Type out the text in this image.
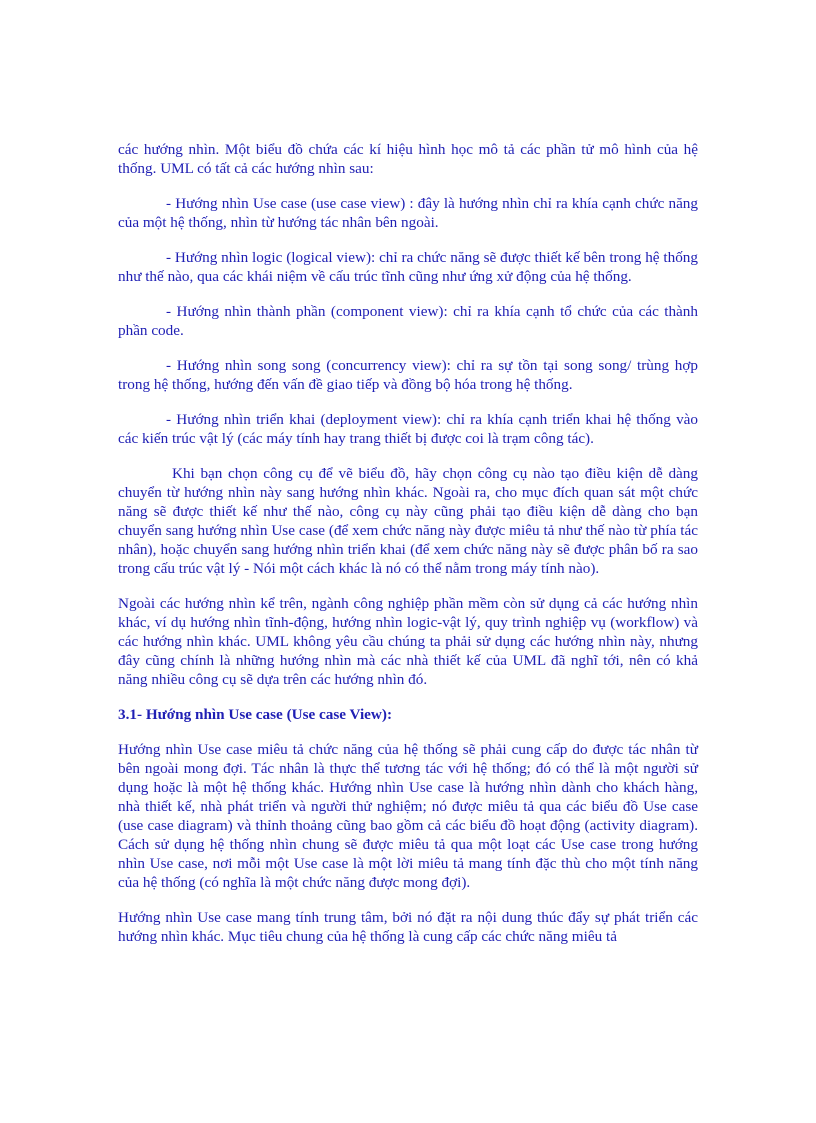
các hướng nhìn. Một biểu đồ chứa các kí hiệu hình học mô tả các phần tử mô hình của hệ thống. UML có tất cả các hướng nhìn sau:

- Hướng nhìn Use case (use case view) : đây là hướng nhìn chỉ ra khía cạnh chức năng của một hệ thống, nhìn từ hướng tác nhân bên ngoài.

- Hướng nhìn logic (logical view): chỉ ra chức năng sẽ được thiết kế bên trong hệ thống như thế nào, qua các khái niệm về cấu trúc tĩnh cũng như ứng xử động của hệ thống.

- Hướng nhìn thành phần (component view): chỉ ra khía cạnh tổ chức của các thành phần code.

- Hướng nhìn song song (concurrency view): chỉ ra sự tồn tại song song/ trùng hợp trong hệ thống, hướng đến vấn đề giao tiếp và đồng bộ hóa trong hệ thống.

- Hướng nhìn triển khai (deployment view): chỉ ra khía cạnh triển khai hệ thống vào các kiến trúc vật lý (các máy tính hay trang thiết bị được coi là trạm công tác).

Khi bạn chọn công cụ để vẽ biểu đồ, hãy chọn công cụ nào tạo điều kiện dễ dàng chuyển từ hướng nhìn này sang hướng nhìn khác. Ngoài ra, cho mục đích quan sát một chức năng sẽ được thiết kế như thế nào, công cụ này cũng phải tạo điều kiện dễ dàng cho bạn chuyển sang hướng nhìn Use case (để xem chức năng này được miêu tả như thế nào từ phía tác nhân), hoặc chuyển sang hướng nhìn triển khai (để xem chức năng này sẽ được phân bố ra sao trong cấu trúc vật lý - Nói một cách khác là nó có thể nằm trong máy tính nào).

Ngoài các hướng nhìn kể trên, ngành công nghiệp phần mềm còn sử dụng cả các hướng nhìn khác, ví dụ hướng nhìn tĩnh-động, hướng nhìn logic-vật lý, quy trình nghiệp vụ (workflow) và các hướng nhìn khác. UML không yêu cầu chúng ta phải sử dụng các hướng nhìn này, nhưng đây cũng chính là những hướng nhìn mà các nhà thiết kế của UML đã nghĩ tới, nên có khả năng nhiều công cụ sẽ dựa trên các hướng nhìn đó.

3.1- Hướng nhìn Use case (Use case View):

Hướng nhìn Use case miêu tả chức năng của hệ thống sẽ phải cung cấp do được tác nhân từ bên ngoài mong đợi. Tác nhân là thực thể tương tác với hệ thống; đó có thể là một người sử dụng hoặc là một hệ thống khác. Hướng nhìn Use case là hướng nhìn dành cho khách hàng, nhà thiết kế, nhà phát triển và người thử nghiệm; nó được miêu tả qua các biểu đồ Use case (use case diagram) và thỉnh thoảng cũng bao gồm cả các biểu đồ hoạt động (activity diagram). Cách sử dụng hệ thống nhìn chung sẽ được miêu tả qua một loạt các Use case trong hướng nhìn Use case, nơi mỗi một Use case là một lời miêu tả mang tính đặc thù cho một tính năng của hệ thống (có nghĩa là một chức năng được mong đợi).

Hướng nhìn Use case mang tính trung tâm, bởi nó đặt ra nội dung thúc đẩy sự phát triển các hướng nhìn khác. Mục tiêu chung của hệ thống là cung cấp các chức năng miêu tả
